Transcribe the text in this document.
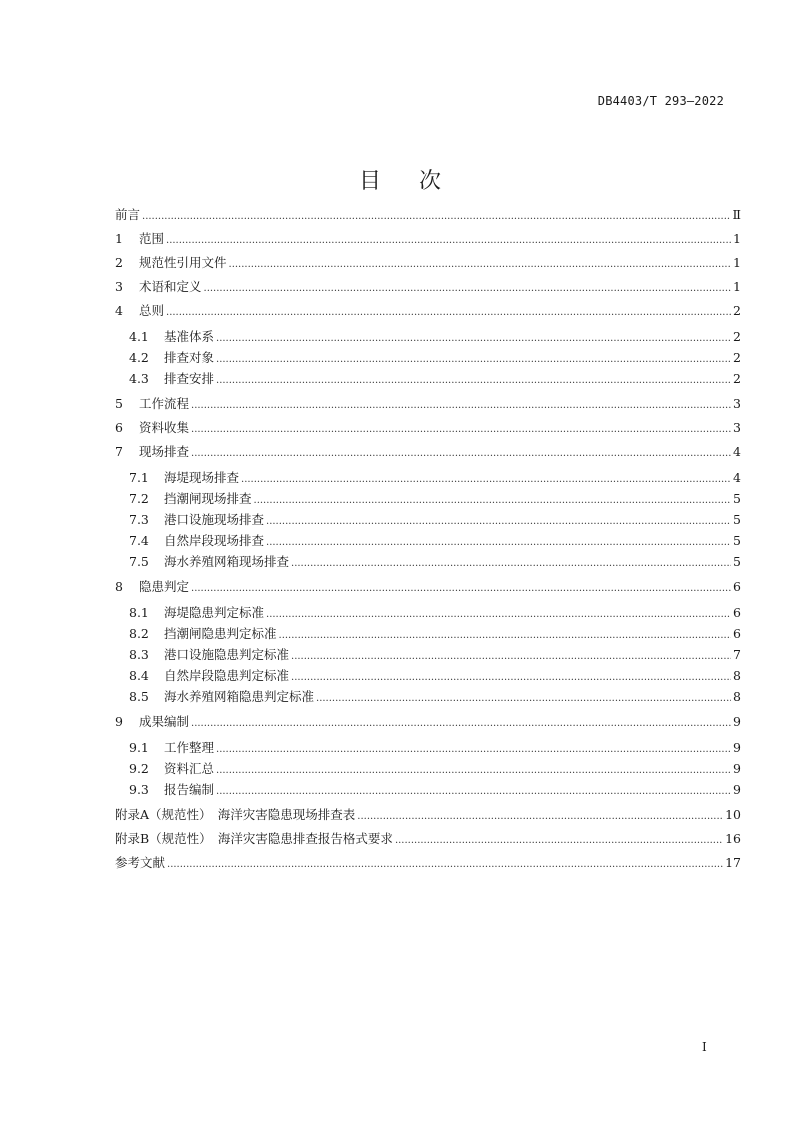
DB4403/T 293—2022
目次
前言 .....	Ⅱ
1	范围 .....	1
2	规范性引用文件 .....	1
3	术语和定义 .....	1
4	总则 .....	2
4.1	基准体系 .....	2
4.2	排查对象 .....	2
4.3	排查安排 .....	2
5	工作流程 .....	3
6	资料收集 .....	3
7	现场排查 .....	4
7.1	海堤现场排查 .....	4
7.2	挡潮闸现场排查 .....	5
7.3	港口设施现场排查 .....	5
7.4	自然岸段现场排查 .....	5
7.5	海水养殖网箱现场排查 .....	5
8	隐患判定 .....	6
8.1	海堤隐患判定标准 .....	6
8.2	挡潮闸隐患判定标准 .....	6
8.3	港口设施隐患判定标准 .....	7
8.4	自然岸段隐患判定标准 .....	8
8.5	海水养殖网箱隐患判定标准 .....	8
9	成果编制 .....	9
9.1	工作整理 .....	9
9.2	资料汇总 .....	9
9.3	报告编制 .....	9
附录A（规范性）　海洋灾害隐患现场排查表 .....	10
附录B（规范性）　海洋灾害隐患排查报告格式要求 .....	16
参考文献 .....	17
I
